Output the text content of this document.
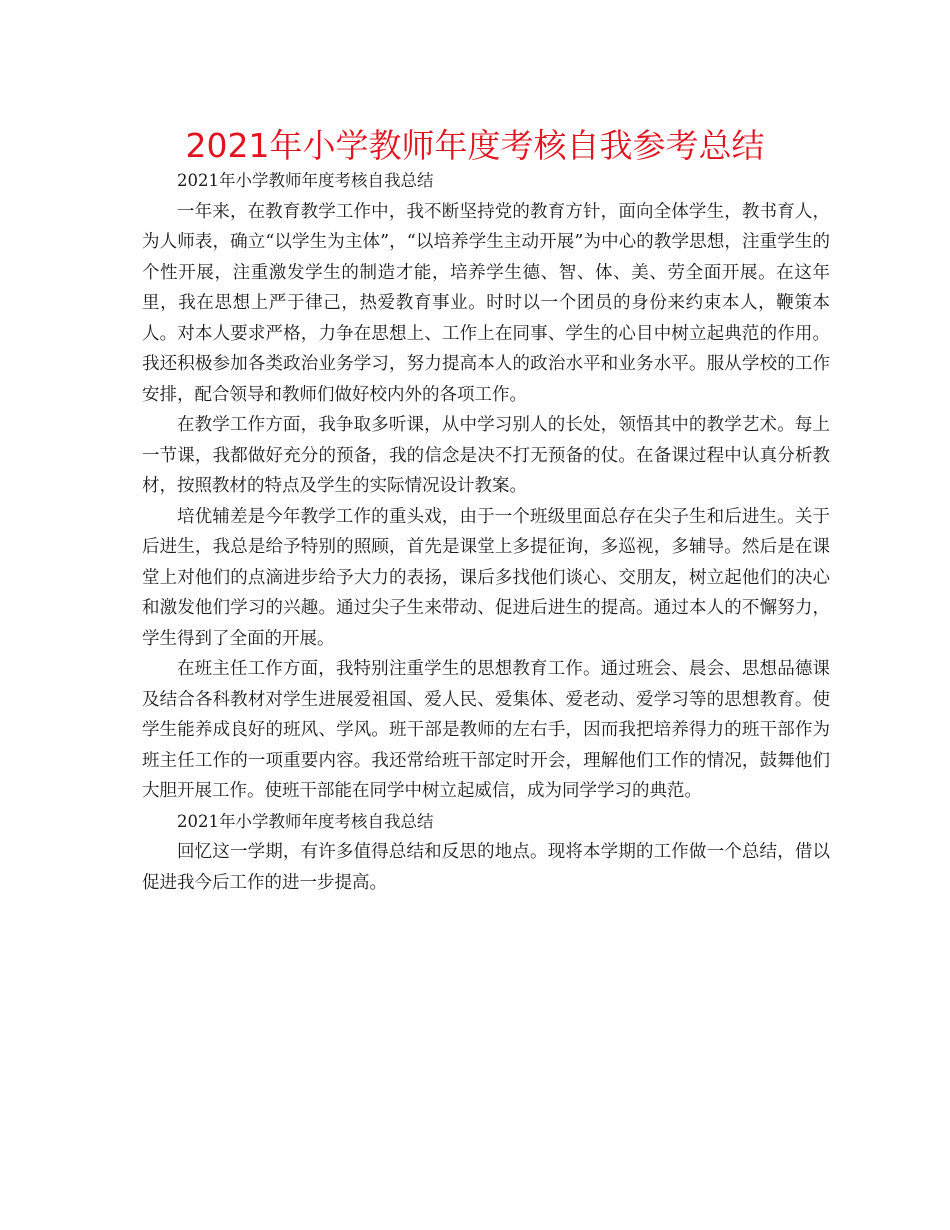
2021年小学教师年度考核自我参考总结

2021年小学教师年度考核自我总结

一年来，在教育教学工作中，我不断坚持党的教育方针，面向全体学生，教书育人，为人师表，确立“以学生为主体”，“以培养学生主动开展”为中心的教学思想，注重学生的个性开展，注重激发学生的制造才能，培养学生德、智、体、美、劳全面开展。在这年里，我在思想上严于律己，热爱教育事业。时时以一个团员的身份来约束本人，鞭策本人。对本人要求严格，力争在思想上、工作上在同事、学生的心目中树立起典范的作用。我还积极参加各类政治业务学习，努力提高本人的政治水平和业务水平。服从学校的工作安排，配合领导和教师们做好校内外的各项工作。

在教学工作方面，我争取多听课，从中学习别人的长处，领悟其中的教学艺术。每上一节课，我都做好充分的预备，我的信念是决不打无预备的仗。在备课过程中认真分析教材，按照教材的特点及学生的实际情况设计教案。

培优辅差是今年教学工作的重头戏，由于一个班级里面总存在尖子生和后进生。关于后进生，我总是给予特别的照顾，首先是课堂上多提征询，多巡视，多辅导。然后是在课堂上对他们的点滴进步给予大力的表扬，课后多找他们谈心、交朋友，树立起他们的决心和激发他们学习的兴趣。通过尖子生来带动、促进后进生的提高。通过本人的不懈努力，学生得到了全面的开展。

在班主任工作方面，我特别注重学生的思想教育工作。通过班会、晨会、思想品德课及结合各科教材对学生进展爱祖国、爱人民、爱集体、爱老动、爱学习等的思想教育。使学生能养成良好的班风、学风。班干部是教师的左右手，因而我把培养得力的班干部作为班主任工作的一项重要内容。我还常给班干部定时开会，理解他们工作的情况，鼓舞他们大胆开展工作。使班干部能在同学中树立起威信，成为同学学习的典范。

2021年小学教师年度考核自我总结

回忆这一学期，有许多值得总结和反思的地点。现将本学期的工作做一个总结，借以促进我今后工作的进一步提高。
